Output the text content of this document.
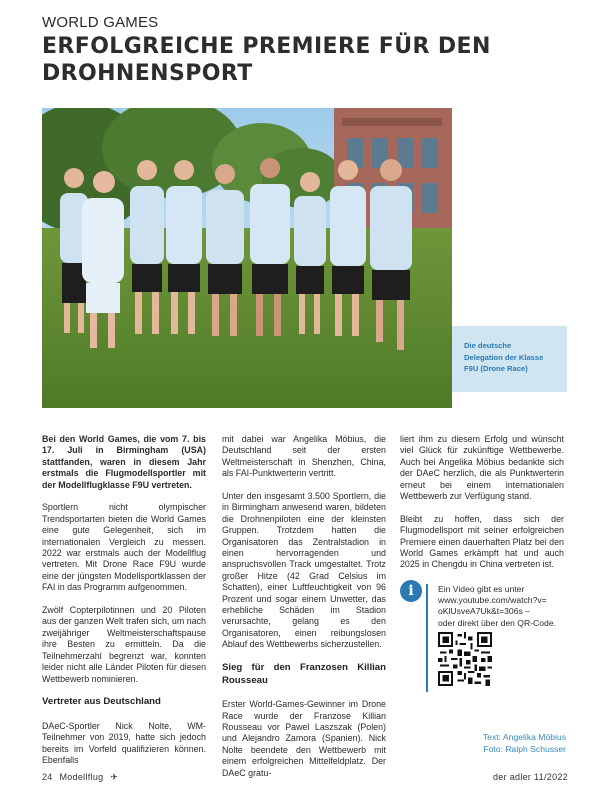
WORLD GAMES
ERFOLGREICHE PREMIERE FÜR DEN
DROHNENSPORT
Die deutsche
Delegation der Klasse
F9U (Drone Race)

Bei den World Games, die vom 7. bis 17. Juli in Birmingham (USA) stattfanden, waren in diesem Jahr erstmals die Flugmodellsportler mit der Modellflugklasse F9U vertreten.

Sportlern nicht olympischer Trendsportarten bieten die World Games eine gute Gelegenheit, sich im internationalen Vergleich zu messen. 2022 war erstmals auch der Modellflug vertreten. Mit Drone Race F9U wurde eine der jüngsten Modellsportklassen der FAI in das Programm aufgenommen.

Zwölf Copterpilotinnen und 20 Piloten aus der ganzen Welt trafen sich, um nach zweijähriger Weltmeisterschaftspause ihre Besten zu ermitteln. Da die Teilnehmerzahl begrenzt war, konnten leider nicht alle Länder Piloten für diesen Wettbewerb nominieren.

Vertreter aus Deutschland

DAeC-Sportler Nick Nolte, WM-Teilnehmer von 2019, hatte sich jedoch bereits im Vorfeld qualifizieren können. Ebenfalls

mit dabei war Angelika Möbius, die Deutschland seit der ersten Weltmeisterschaft in Shenzhen, China, als FAI-Punktwerterin vertritt.

Unter den insgesamt 3.500 Sportlern, die in Birmingham anwesend waren, bildeten die Drohnenpiloten eine der kleinsten Gruppen. Trotzdem hatten die Organisatoren das Zentralstadion in einen hervorragenden und anspruchsvollen Track umgestaltet. Trotz großer Hitze (42 Grad Celsius im Schatten), einer Luftfeuchtigkeit von 96 Prozent und sogar einem Unwetter, das erhebliche Schäden im Stadion verursachte, gelang es den Organisatoren, einen reibungslosen Ablauf des Wettbewerbs sicherzustellen.

Sieg für den Franzosen Killian Rousseau

Erster World-Games-Gewinner im Drone Race wurde der Franzose Killian Rousseau vor Pawel Laszszak (Polen) und Alejandro Zamora (Spanien). Nick Nolte beendete den Wettbewerb mit einem erfolgreichen Mittelfeldplatz. Der DAeC gratu-

liert ihm zu diesem Erfolg und wünscht viel Glück für zukünftige Wettbewerbe. Auch bei Angelika Möbius bedankte sich der DAeC herzlich, die als Punktwerterin erneut bei einem internationalen Wettbewerb zur Verfügung stand.

Bleibt zu hoffen, dass sich der Flugmodellsport mit seiner erfolgreichen Premiere einen dauerhaften Platz bei den World Games erkämpft hat und auch 2025 in Chengdu in China vertreten ist.

i	Ein Video gibt es unter
www.youtube.com/watch?v=
oKlUsveA7Uk&t=306s –
oder direkt über den QR-Code.
Text: Angelika Möbius
Foto: Ralph Schusser
24 Modellflug ✈	der adler 11/2022
